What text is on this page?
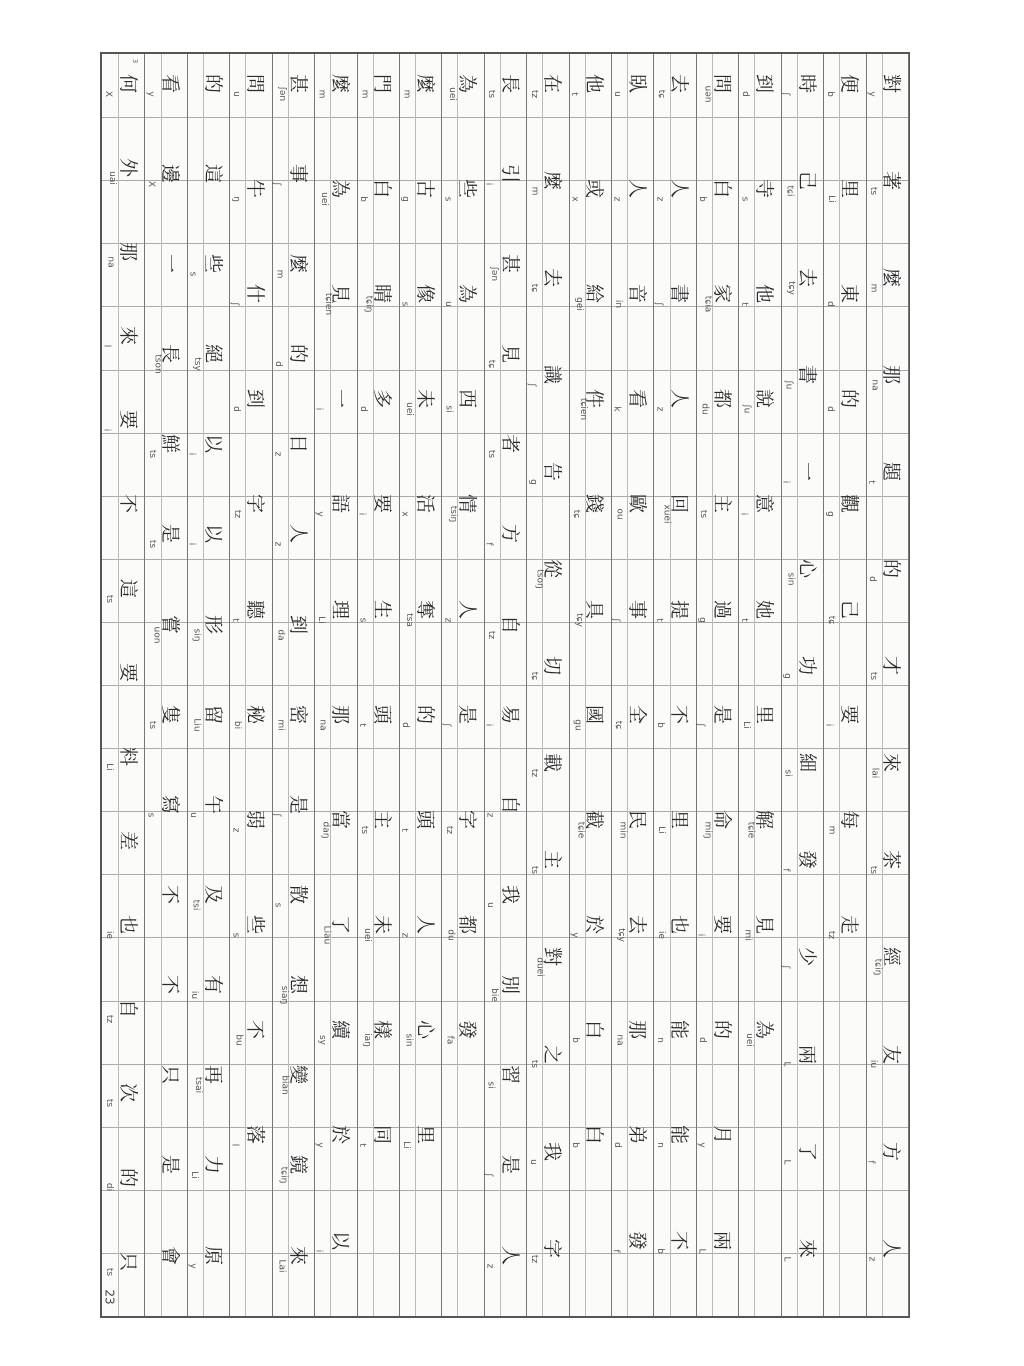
何
X
3
外
uai
那
na
來
l
要
i
不
這
ts
要
料
Li
差
也
ie
自
tz
次
ts
的
di
只
ts
看
y
邊
X
一
長
tson
鮮
ts
是
ts
嘗
uon
隻
ts
寫
s
不
不
只
是
會
的
這
些
s
絕
tsy
以
i
以
i
形
siŋ
留
Liu
午
u
及
tsi
有
iu
再
tsai
力
Li
原
y
問
u
牛
ŋ
什
ʃ
到
d
字
tz
聽
t
秘
bi
弱
z
些
s
不
bu
落
l
甚
ʃən
事
ʃ
麼
m
的
d
日
z
人
z
到
da
密
mi
是
ʃ
散
s
想
siaŋ
變
bian
鏡
tɕiŋ
來
Lai
麼
m
為
uei
見
tɕien
一
i
語
y
理
Li
那
na
當
daŋ
了
Liau
續
sy
於
y
以
i
門
m
白
b
睛
tɕiŋ
多
d
要
i
生
s
頭
t
主
ts
未
uei
樣
iaŋ
同
t
麼
m
古
g
像
s
未
uei
活
x
奪
tsa
的
d
頭
t
人
z
心
sin
里
Li
為
uei
些
s
為
u
西
si
情
tsiŋ
人
z
是
ʃ
字
tz
都
du
發
fa
長
ts
引
i
甚
ʃən
見
tɕ
者
ts
方
f
自
tz
易
i
自
z
我
u
別
bie
習
si
是
ʃ
人
z
在
tz
麼
m
去
tɕ
識
ʃ
告
g
從
tsoŋ
切
tɕ
載
tz
主
ts
對
duei
之
ts
我
u
字
tz
他
t
或
x
給
gei
件
tɕien
錢
tɕ
具
tɕy
國
gu
截
tɕie
於
y
白
b
白
b
臥
u
人
z
音
in
看
k
歐
ou
事
ʃ
全
tɕ
民
min
去
tɕy
那
na
弟
d
發
f
去
tɕ
人
z
書
ʃ
人
z
回
xuei
提
t
不
b
里
Li
也
ie
能
n
能
n
不
b
問
uən
白
b
家
tɕia
都
du
主
ts
過
g
是
ʃ
命
miŋ
要
i
的
d
月
y
兩
L
到
d
寺
s
他
t
說
ʃu
意
i
她
t
里
Li
解
tɕie
見
mi
為
uei
時
ʃ
己
tɕi
去
tɕy
書
ʃu
一
i
心
sin
功
g
細
si
發
f
少
ʃ
兩
L
了
L
來
L
便
b
里
Li
東
d
的
d
觀
g
己
tɕ
要
i
每
m
走
tz
對
y
著
ts
麼
m
那
na
題
t
的
d
才
ts
來
lai
茶
ts
經
tɕiŋ
友
iu
方
f
人
z
23
